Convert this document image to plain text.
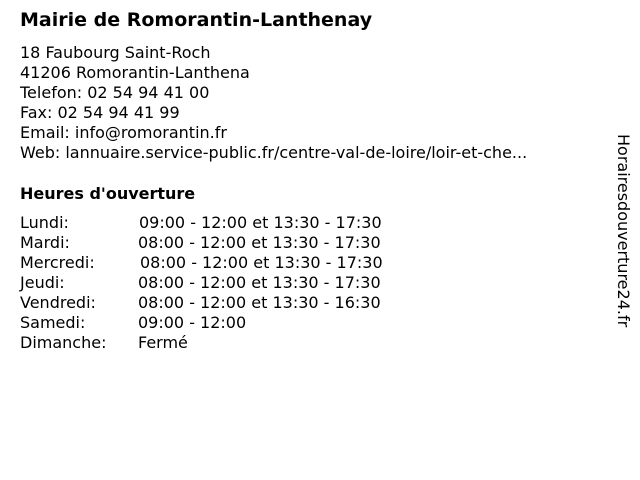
Mairie de Romorantin-Lanthenay
18 Faubourg Saint-Roch
41206 Romorantin-Lanthena
Telefon: 02 54 94 41 00
Fax: 02 54 94 41 99
Email: info@romorantin.fr
Web: lannuaire.service-public.fr/centre-val-de-loire/loir-et-che...
Heures d'ouverture
Lundi:	09:00 - 12:00 et 13:30 - 17:30
Mardi:	08:00 - 12:00 et 13:30 - 17:30
Mercredi:	08:00 - 12:00 et 13:30 - 17:30
Jeudi:	08:00 - 12:00 et 13:30 - 17:30
Vendredi:	08:00 - 12:00 et 13:30 - 16:30
Samedi:	09:00 - 12:00
Dimanche:	Fermé
Horairesdouverture24.fr
